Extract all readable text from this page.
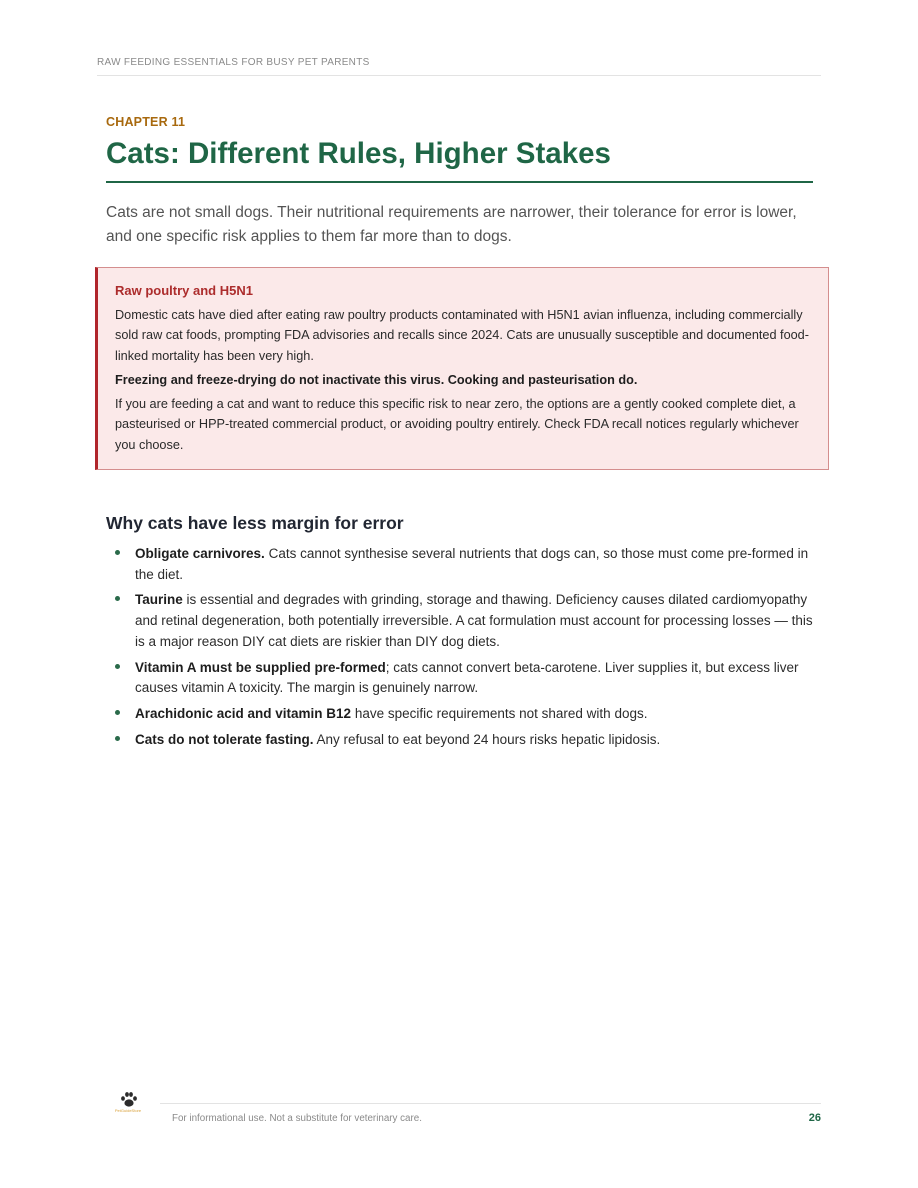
RAW FEEDING ESSENTIALS FOR BUSY PET PARENTS
CHAPTER 11
Cats: Different Rules, Higher Stakes

Cats are not small dogs. Their nutritional requirements are narrower, their tolerance for error is lower, and one specific risk applies to them far more than to dogs.

Raw poultry and H5N1

Domestic cats have died after eating raw poultry products contaminated with H5N1 avian influenza, including commercially sold raw cat foods, prompting FDA advisories and recalls since 2024. Cats are unusually susceptible and documented food-linked mortality has been very high.

Freezing and freeze-drying do not inactivate this virus. Cooking and pasteurisation do.

If you are feeding a cat and want to reduce this specific risk to near zero, the options are a gently cooked complete diet, a pasteurised or HPP-treated commercial product, or avoiding poultry entirely. Check FDA recall notices regularly whichever you choose.

Why cats have less margin for error
Obligate carnivores. Cats cannot synthesise several nutrients that dogs can, so those must come pre-formed in the diet.
Taurine is essential and degrades with grinding, storage and thawing. Deficiency causes dilated cardiomyopathy and retinal degeneration, both potentially irreversible. A cat formulation must account for processing losses — this is a major reason DIY cat diets are riskier than DIY dog diets.
Vitamin A must be supplied pre-formed; cats cannot convert beta-carotene. Liver supplies it, but excess liver causes vitamin A toxicity. The margin is genuinely narrow.
Arachidonic acid and vitamin B12 have specific requirements not shared with dogs.
Cats do not tolerate fasting. Any refusal to eat beyond 24 hours risks hepatic lipidosis.
PetGuideStore
For informational use. Not a substitute for veterinary care.	26
